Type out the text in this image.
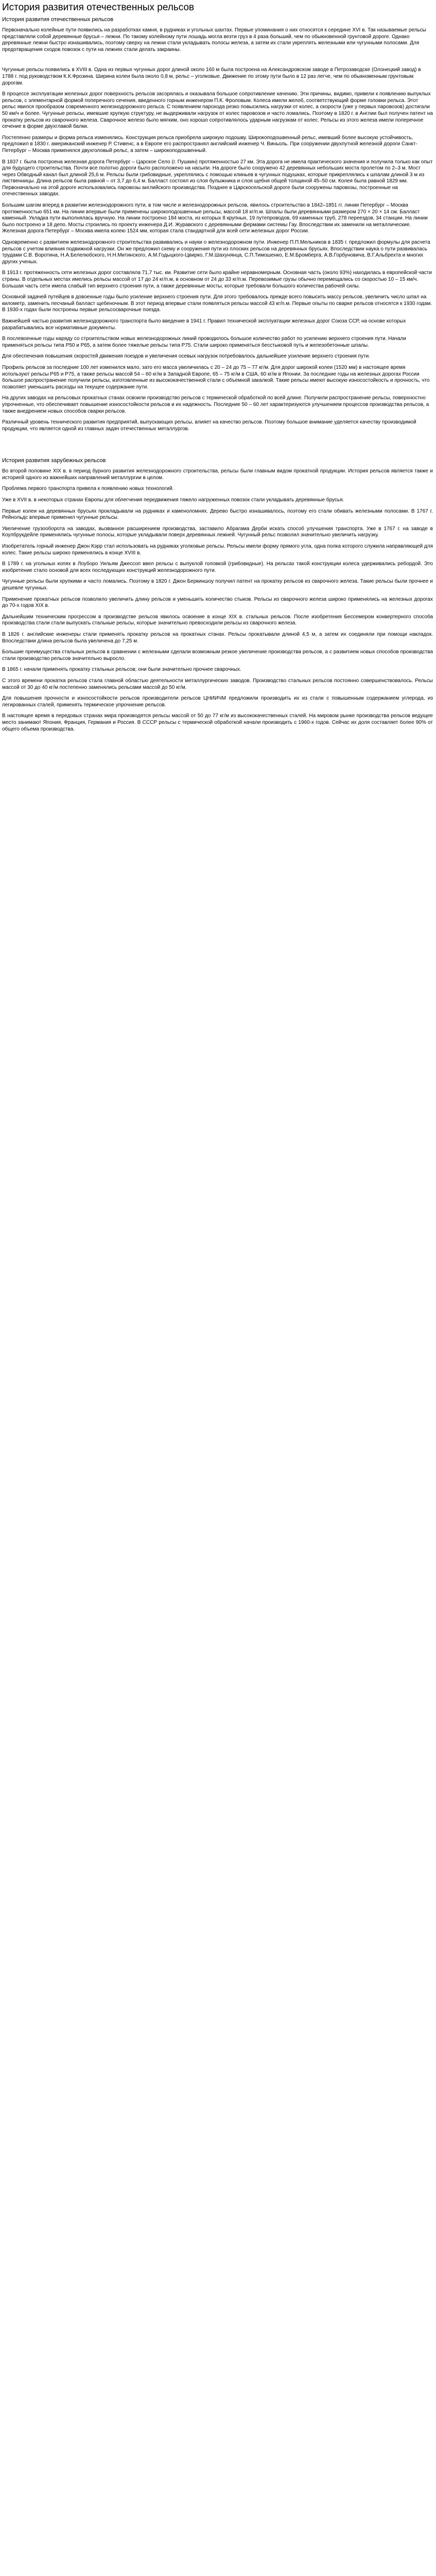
История развития отечественных рельсов
История развития отечественных рельсов

Первоначально колейные пути появились на разработках камня, в рудниках и угольных шахтах. Первые упоминания о них относятся к середине XVI в. Так называемые рельсы представляли собой деревянные брусья – лежни. По такому колейному пути лошадь могла везти груз в 4 раза больший, чем по обыкновенной грунтовой дороге. Однако деревянные лежни быстро изнашивались, поэтому сверху на лежни стали укладывать полосы железа, а затем их стали укреплять железными или чугунными полосами. Для предотвращения сходов повозок с пути на лежнях стали делать закраины.

Чугунные рельсы появились в XVIII в. Одна из первых чугунных дорог длиной около 160 м была построена на Александровском заводе в Петрозаводске (Олонецкий завод) в 1788 г. под руководством К.К.Фрозина. Ширина колеи была около 0,8 м, рельс – уголковые. Движение по этому пути было в 12 раз легче, чем по обыкновенным грунтовым дорогам.

В процессе эксплуатации железных дорог поверхность рельсов засорялась и оказывала большое сопротивление качению. Эти причины, видимо, привели к появлению выпуклых рельсов, с элементарной формой поперечного сечения, введенного горным инженером П.К. Фроловым. Колеса имели желоб, соответствующий форме головки рельса. Этот рельс явился прообразом современного железнодорожного рельса. С появлением парохода резко повысились нагрузки от колес, а скорости (уже у первых паровозов) достигали 50 км/ч и более. Чугунные рельсы, имевшие хрупкую структуру, не выдерживали нагрузок от колес паровозов и часто ломались. Поэтому в 1820 г. в Англии был получен патент на прокатку рельсов из сварочного железа. Сварочное железо было мягким, оно хорошо сопротивлялось ударным нагрузкам от колес. Рельсы из этого железа имели поперечное сечение в форме двухглавой балки.

Постепенно размеры и форма рельса изменялись. Конструкция рельса приобрела широкую подошву. Широкоподошвенный рельс, имевший более высокую устойчивость, предложил в 1830 г. американский инженер Р. Стивенс, а в Европе его распространял английский инженер Ч. Виньоль. При сооружении двухпутной железной дороги Санкт-Петербург – Москва применялся двухголовый рельс, а затем – широкоподошвенный.

В 1837 г. была построена железная дорога Петербург – Царское Село (г. Пушкин) протяженностью 27 км. Эта дорога не имела практического значения и получила только как опыт для будущего строительства. Почти все полотно дороги было расположено на насыпи. На дороге было сооружено 42 деревянных небольших моста пролетом по 2–3 м. Мост через Обводный канал был длиной 25,6 м. Рельсы были грибовидные, укреплялись с помощью клиньев в чугунных подушках, которые прикреплялись к шпалам длиной 3 м из лиственницы. Длина рельсов была равной – от 3,7 до 6,4 м. Балласт состоял из слоя булыжника и слоя щебня общей толщиной 45–50 см. Колея была равной 1829 мм. Первоначально на этой дороге использовались паровозы английского производства. Позднее в Царскосельской дороге были сооружены паровозы, построенные на отечественных заводах.

Большим шагом вперед в развитии железнодорожного пути, в том числе и железнодорожных рельсов, явилось строительство в 1842–1851 гг. линии Петербург – Москва протяженностью 651 км. На линии впервые были применены широкоподошвенные рельсы, массой 18 кг/п.м. Шпалы были деревянными размером 270 × 20 × 14 см. Балласт каменный. Укладка пути выполнялась вручную. На линии построено 184 моста, из которых 8 крупных, 19 путепроводов, 69 каменных труб, 278 переездов, 34 станции. На линии было построено и 18 депо. Мосты строились по проекту инженера Д.И. Журавского с деревянными фермами системы Гау. Впоследствии их заменили на металлические. Железная дорога Петербург – Москва имела колею 1524 мм, которая стала стандартной для всей сети железных дорог России.

Одновременно с развитием железнодорожного строительства развивались и науки о железнодорожном пути. Инженер П.П.Мельников в 1835 г. предложил формулы для расчета рельсов с учетом влияния подвижной нагрузки. Он же предложил схему и сооружения пути из плоских рельсов на деревянных брусьях. Впоследствии наука о пути развивалась трудами С.В. Воротина, Н.А.Белелюбского, Н.Н.Митинского, А.М.Годыцкого-Цвирко, Г.М.Шахунянца, С.П.Тимошенко, Е.М.Бромберга, А.В.Горбуновича, В.Г.Альбрехта и многих других ученых.

В 1913 г. протяженность сети железных дорог составляла 71,7 тыс. км. Развитие сети было крайне неравномерным. Основная часть (около 93%) находилась в европейской части страны. В отдельных местах имелись рельсы массой от 17 до 24 кг/п.м, в основном от 24 до 33 кг/п.м. Перевозимые грузы обычно перемещались со скоростью 10 – 15 км/ч. Большая часть сети имела слабый тип верхнего строения пути, а также деревянные мосты, которые требовали большого количества рабочей силы.

Основной задачей путейцев в довоенные годы было усиление верхнего строения пути. Для этого требовалось прежде всего повысить массу рельсов, увеличить число шпал на километр, заменить песчаный балласт щебеночным. В этот период впервые стали появляться рельсы массой 43 кг/п.м. Первые опыты по сварке рельсов относятся к 1930 годам. В 1930-х годах были построены первые рельсосварочные поезда.

Важнейшей частью развития железнодорожного транспорта было введение в 1941 г. Правил технической эксплуатации железных дорог Союза ССР, на основе которых разрабатывались все нормативные документы.

В послевоенные годы наряду со строительством новых железнодорожных линий проводилось большое количество работ по усилению верхнего строения пути. Начали применяться рельсы типа Р50 и Р65, а затем более тяжелые рельсы типа Р75. Стали широко применяться бесстыковой путь и железобетонные шпалы.

Для обеспечения повышения скоростей движения поездов и увеличения осевых нагрузок потребовалось дальнейшее усиление верхнего строения пути.

Профиль рельсов за последние 100 лет изменился мало, зато его масса увеличилась с 20 – 24 до 75 – 77 кг/м. Для дорог широкой колеи (1520 мм) в настоящее время используют рельсы Р65 и Р75, а также рельсы массой 54 – 60 кг/м в Западной Европе, 65 – 75 кг/м в США, 60 кг/м в Японии. За последние годы на железных дорогах России большое распространение получили рельсы, изготовленные из высококачественной стали с объемной закалкой. Такие рельсы имеют высокую износостойкость и прочность, что позволяет уменьшить расходы на текущее содержание пути.

На других заводах на рельсовых прокатных станах освоили производство рельсов с термической обработкой по всей длине. Получили распространение рельсы, поверхностно упрочненные, что обеспечивает повышение износостойкости рельсов и их надежность. Последние 50 – 60 лет характеризуются улучшением процессов производства рельсов, а также внедрением новых способов сварки рельсов.

Различный уровень технического развития предприятий, выпускающих рельсы, влияет на качество рельсов. Поэтому большое внимание уделяется качеству производимой продукции, что является одной из главных задач отечественных металлургов.

История развития зарубежных рельсов

Во второй половине XIX в. в период бурного развития железнодорожного строительства, рельсы были главным видом прокатной продукции. История рельсов является также и историей одного из важнейших направлений металлургии в целом.

Проблема первого транспорта привела к появлению новых технологий.

Уже в XVII в. в некоторых странах Европы для облегчения передвижения тяжело нагруженных повозок стали укладывать деревянные брусья.

Первые колеи на деревянных брусьях прокладывали на рудниках и каменоломнях. Дерево быстро изнашивалось, поэтому его стали обивать железными полосами. В 1767 г. Рейнольдс впервые применил чугунные рельсы.

Увеличение грузооборота на заводах, вызванное расширением производства, заставило Абрагама Дерби искать способ улучшения транспорта. Уже в 1767 г. на заводе в Коулбрукдейле применялись чугунные полосы, которые укладывали поверх деревянных лежней. Чугунный рельс позволил значительно увеличить нагрузку.

Изобретатель горный инженер Джон Кэрр стал использовать на рудниках уголковые рельсы. Рельсы имели форму прямого угла, одна полка которого служила направляющей для колес. Такие рельсы широко применялись в конце XVIII в.

В 1789 г. на угольных копях в Лоуборо Уильям Джессоп ввел рельсы с выпуклой головкой (грибовидные). На рельсах такой конструкции колеса удерживались ребордой. Это изобретение стало основой для всех последующих конструкций железнодорожного пути.

Чугунные рельсы были хрупкими и часто ломались. Поэтому в 1820 г. Джон Беркиншоу получил патент на прокатку рельсов из сварочного железа. Такие рельсы были прочнее и дешевле чугунных.

Применение прокатных рельсов позволило увеличить длину рельсов и уменьшить количество стыков. Рельсы из сварочного железа широко применялись на железных дорогах до 70-х годов XIX в.

Дальнейшим техническим прогрессом в производстве рельсов явилось освоение в конце XIX в. стальных рельсов. После изобретения Бессемером конвертерного способа производства стали стали выпускать стальные рельсы, которые значительно превосходили рельсы из сварочного железа.

В 1826 г. английские инженеры стали применять прокатку рельсов на прокатных станах. Рельсы прокатывали длиной 4,5 м, а затем их соединяли при помощи накладок. Впоследствии длина рельсов была увеличена до 7,25 м.

Большие преимущества стальных рельсов в сравнении с железными сделали возможным резкое увеличение производства рельсов, а с развитием новых способов производства стали производство рельсов значительно выросло.

В 1865 г. начали применять прокатку стальных рельсов; они были значительно прочнее сварочных.

С этого времени прокатка рельсов стала главной областью деятельности металлургических заводов. Производство стальных рельсов постоянно совершенствовалось. Рельсы массой от 30 до 40 кг/м постепенно заменялись рельсами массой до 50 кг/м.

Для повышения прочности и износостойкости рельсов производители рельсов ЦНИИЧМ предложили производить их из стали с повышенным содержанием углерода, из легированных сталей, применять термическое упрочнение рельсов.

В настоящее время в передовых странах мира производятся рельсы массой от 50 до 77 кг/м из высококачественных сталей. На мировом рынке производства рельсов ведущее место занимают Япония, Франция, Германия и Россия. В СССР рельсы с термической обработкой начали производить с 1960-х годов. Сейчас их доля составляет более 90% от общего объема производства.
